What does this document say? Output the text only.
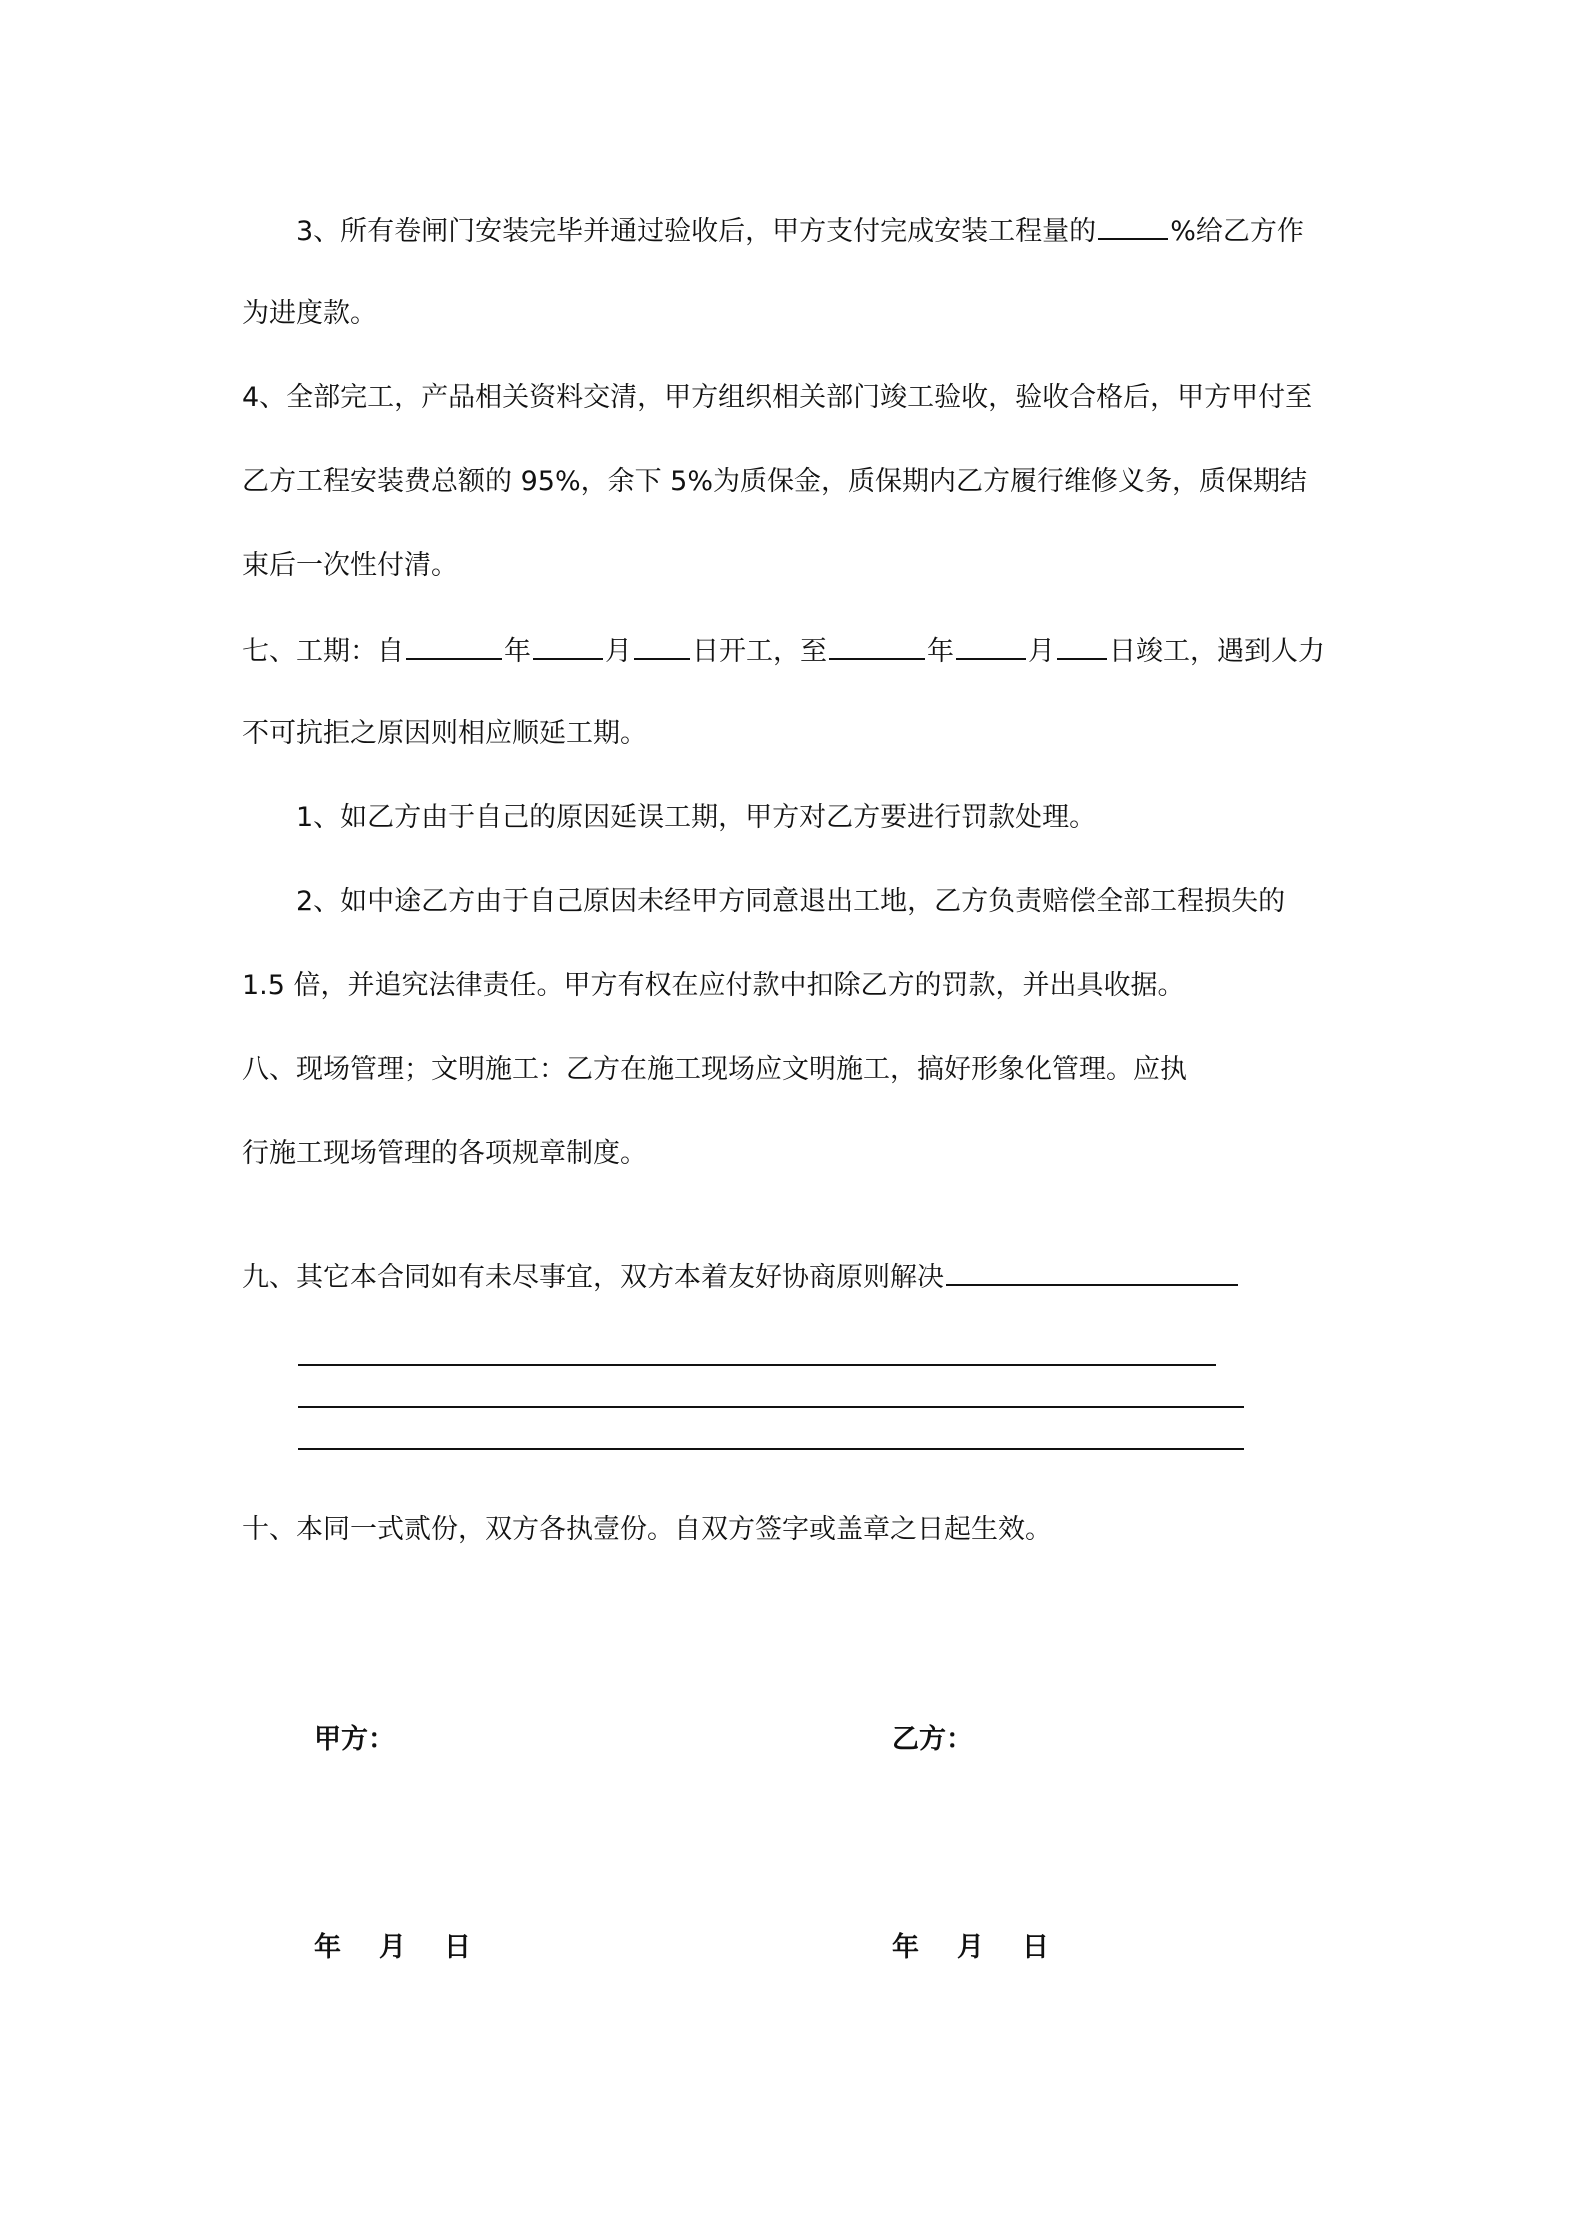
3、所有卷闸门安装完毕并通过验收后，甲方支付完成安装工程量的	%给乙方作
为进度款。
4、全部完工，产品相关资料交清，甲方组织相关部门竣工验收，验收合格后，甲方甲付至
乙方工程安装费总额的 95%，余下 5%为质保金，质保期内乙方履行维修义务，质保期结
束后一次性付清。
七、工期：自	年	月 日开工，至	年	月 日竣工，遇到人力
不可抗拒之原因则相应顺延工期。
1、如乙方由于自己的原因延误工期，甲方对乙方要进行罚款处理。
2、如中途乙方由于自己原因未经甲方同意退出工地，乙方负责赔偿全部工程损失的
1.5 倍，并追究法律责任。甲方有权在应付款中扣除乙方的罚款，并出具收据。
八、现场管理；文明施工：乙方在施工现场应文明施工，搞好形象化管理。应执
行施工现场管理的各项规章制度。
九、其它本合同如有未尽事宜，双方本着友好协商原则解决
十、本同一式贰份，双方各执壹份。自双方签字或盖章之日起生效。
甲方：	乙方：
年 月 日	年 月 日
